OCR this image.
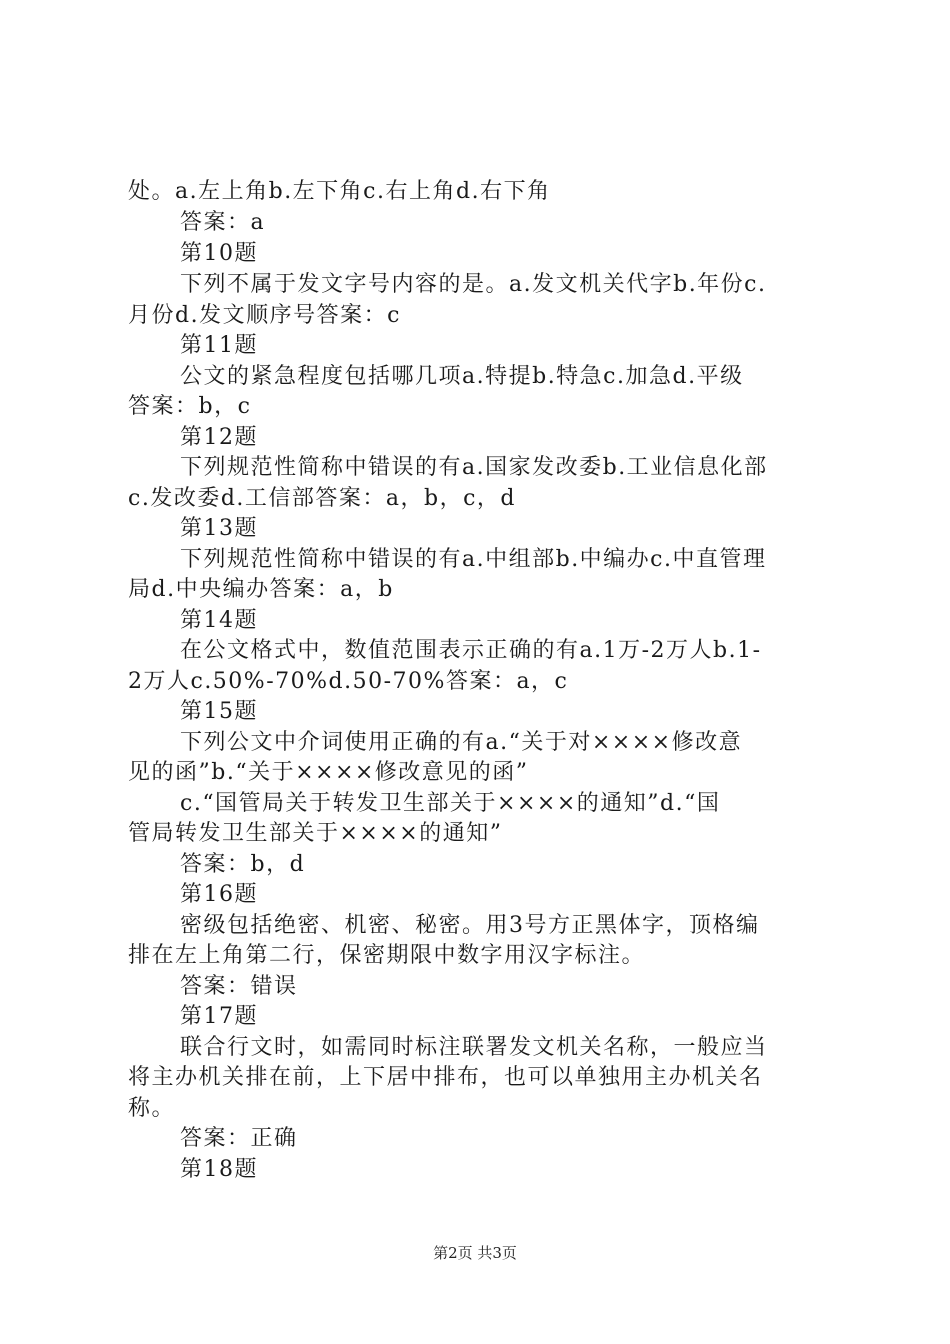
处。a.左上角b.左下角c.右上角d.右下角
答案：a
第10题
下列不属于发文字号内容的是。a.发文机关代字b.年份c.
月份d.发文顺序号答案：c
第11题
公文的紧急程度包括哪几项a.特提b.特急c.加急d.平级
答案：b，c
第12题
下列规范性简称中错误的有a.国家发改委b.工业信息化部
c.发改委d.工信部答案：a，b，c，d
第13题
下列规范性简称中错误的有a.中组部b.中编办c.中直管理
局d.中央编办答案：a，b
第14题
在公文格式中，数值范围表示正确的有a.1万-2万人b.1-
2万人c.50%-70%d.50-70%答案：a，c
第15题
下列公文中介词使用正确的有a.“关于对××××修改意
见的函”b.“关于××××修改意见的函”
c.“国管局关于转发卫生部关于××××的通知”d.“国
管局转发卫生部关于××××的通知”
答案：b，d
第16题
密级包括绝密、机密、秘密。用3号方正黑体字，顶格编
排在左上角第二行，保密期限中数字用汉字标注。
答案：错误
第17题
联合行文时，如需同时标注联署发文机关名称，一般应当
将主办机关排在前，上下居中排布，也可以单独用主办机关名
称。
答案：正确
第18题
第2页 共3页
